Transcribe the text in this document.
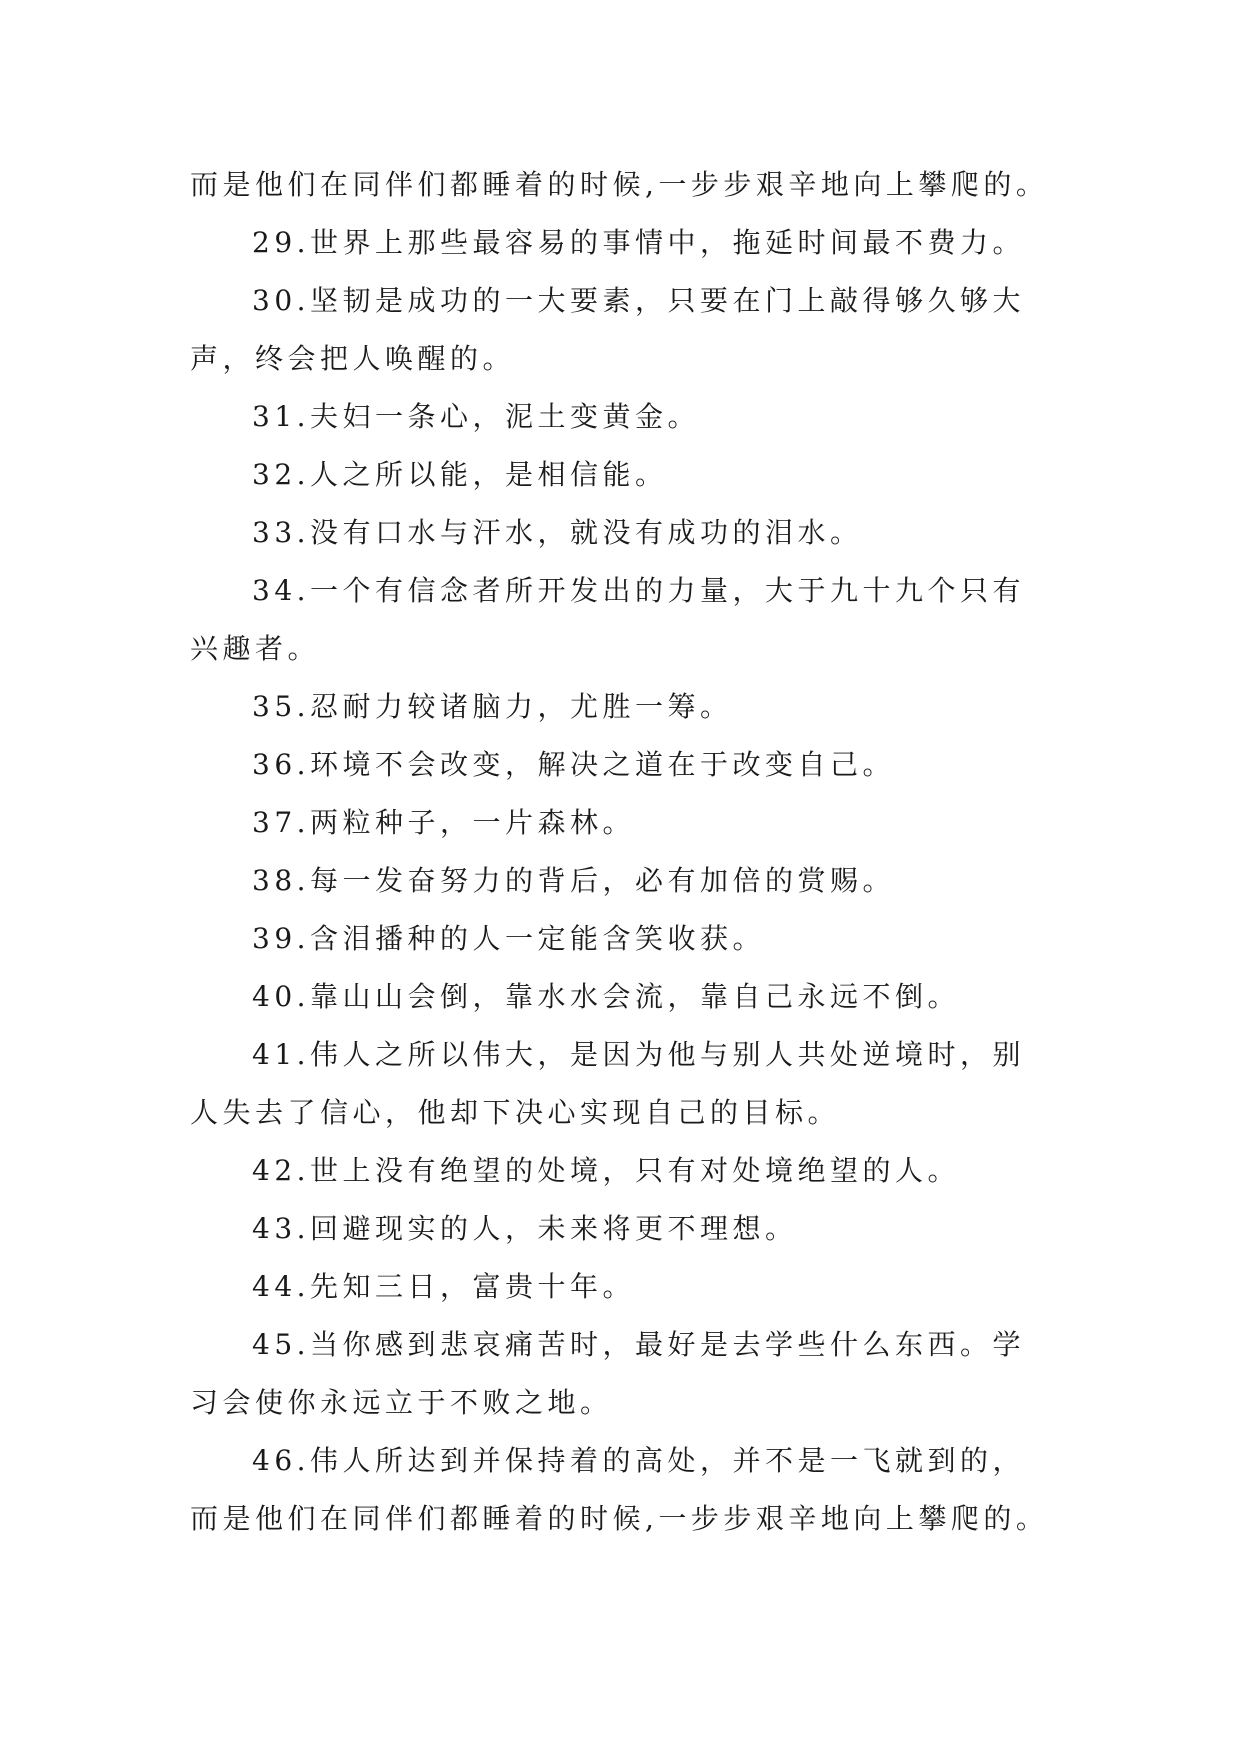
而是他们在同伴们都睡着的时候,一步步艰辛地向上攀爬的。
29.世界上那些最容易的事情中，拖延时间最不费力。
30.坚韧是成功的一大要素，只要在门上敲得够久够大
声，终会把人唤醒的。
31.夫妇一条心，泥土变黄金。
32.人之所以能，是相信能。
33.没有口水与汗水，就没有成功的泪水。
34.一个有信念者所开发出的力量，大于九十九个只有
兴趣者。
35.忍耐力较诸脑力，尤胜一筹。
36.环境不会改变，解决之道在于改变自己。
37.两粒种子，一片森林。
38.每一发奋努力的背后，必有加倍的赏赐。
39.含泪播种的人一定能含笑收获。
40.靠山山会倒，靠水水会流，靠自己永远不倒。
41.伟人之所以伟大，是因为他与别人共处逆境时，别
人失去了信心，他却下决心实现自己的目标。
42.世上没有绝望的处境，只有对处境绝望的人。
43.回避现实的人，未来将更不理想。
44.先知三日，富贵十年。
45.当你感到悲哀痛苦时，最好是去学些什么东西。学
习会使你永远立于不败之地。
46.伟人所达到并保持着的高处，并不是一飞就到的，
而是他们在同伴们都睡着的时候,一步步艰辛地向上攀爬的。
